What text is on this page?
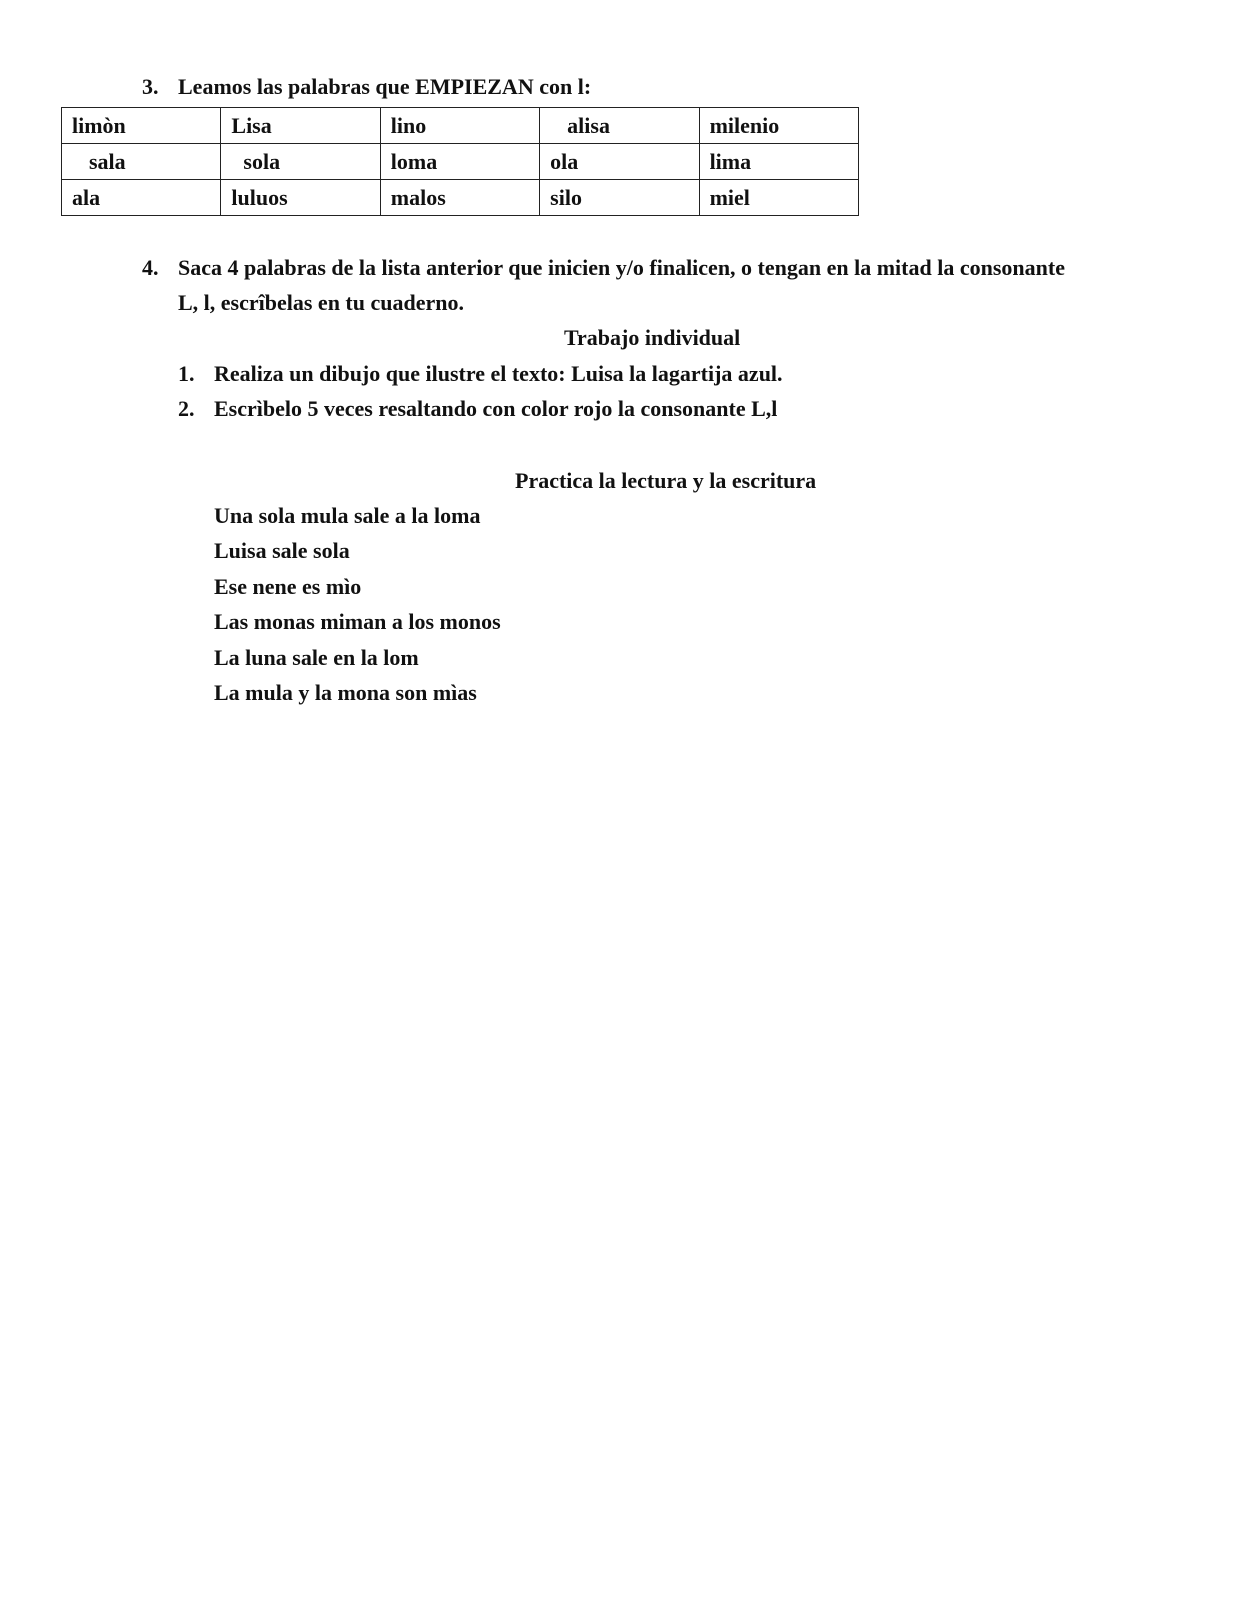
3. Leamos las palabras que EMPIEZAN con l:
limòn	Lisa	lino	alisa	milenio
sala	sola	loma	ola	lima
ala	luluos	malos	silo	miel
4. Saca 4 palabras de la lista anterior que inicien y/o finalicen, o tengan en la mitad la consonante
L, l, escrîbelas en tu cuaderno.
Trabajo individual
1. Realiza un dibujo que ilustre el texto: Luisa la lagartija azul.
2. Escrìbelo 5 veces resaltando con color rojo la consonante L,l
Practica la lectura y la escritura
Una sola mula sale a la loma
Luisa sale sola
Ese nene es mìo
Las monas miman a los monos
La luna sale en la lom
La mula y la mona son mìas
